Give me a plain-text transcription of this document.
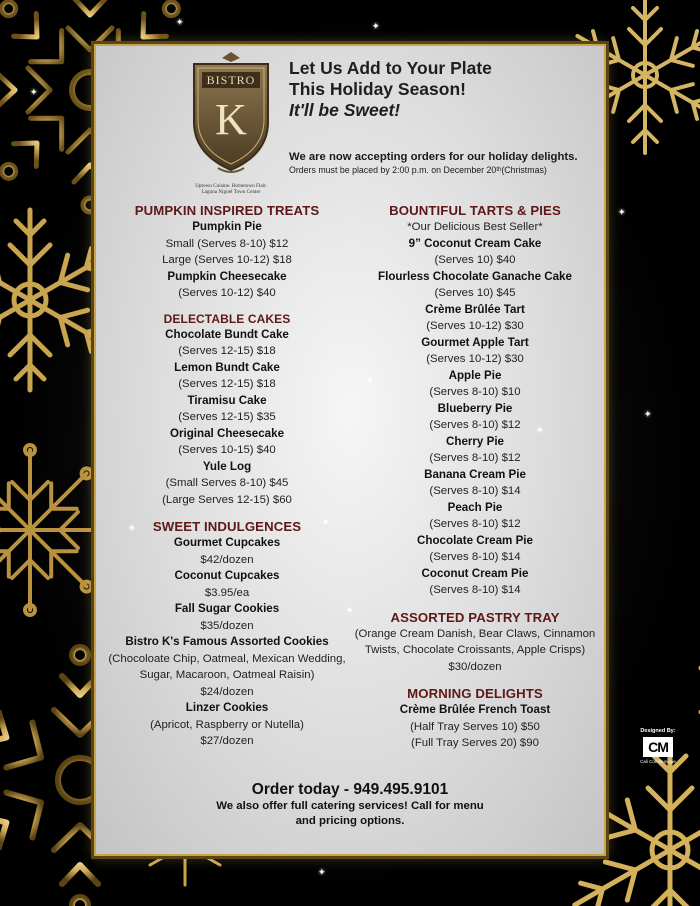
✦
✦
✦
✦
✦
BISTRO
K
Uptown Cuisine. Hometown Flair.
Laguna Niguel Town Center
Let Us Add to Your Plate
This Holiday Season!
It'll be Sweet!
We are now accepting orders for our holiday delights.
Orders must be placed by 2:00 p.m. on December 20th(Christmas)
PUMPKIN INSPIRED TREATS
Pumpkin Pie
Small (Serves 8-10) $12
Large (Serves 10-12) $18
Pumpkin Cheesecake
(Serves 10-12) $40
DELECTABLE CAKES
Chocolate Bundt Cake
(Serves 12-15) $18
Lemon Bundt Cake
(Serves 12-15) $18
Tiramisu Cake
(Serves 12-15) $35
Original Cheesecake
(Serves 10-15) $40
Yule Log
(Small Serves 8-10) $45
(Large Serves 12-15) $60
SWEET INDULGENCES
Gourmet Cupcakes
$42/dozen
Coconut Cupcakes
$3.95/ea
Fall Sugar Cookies
$35/dozen
Bistro K's Famous Assorted Cookies
(Chocoloate Chip, Oatmeal, Mexican Wedding,
Sugar, Macaroon, Oatmeal Raisin)
$24/dozen
Linzer Cookies
(Apricot, Raspberry or Nutella)
$27/dozen
BOUNTIFUL TARTS & PIES
*Our Delicious Best Seller*
9” Coconut Cream Cake
(Serves 10) $40
Flourless Chocolate Ganache Cake
(Serves 10) $45
Crème Brûlée Tart
(Serves 10-12) $30
Gourmet Apple Tart
(Serves 10-12) $30
Apple Pie
(Serves 8-10) $10
Blueberry Pie
(Serves 8-10) $12
Cherry Pie
(Serves 8-10) $12
Banana Cream Pie
(Serves 8-10) $14
Peach Pie
(Serves 8-10) $12
Chocolate Cream Pie
(Serves 8-10) $14
Coconut Cream Pie
(Serves 8-10) $14
ASSORTED PASTRY TRAY
(Orange Cream Danish, Bear Claws, Cinnamon
Twists, Chocolate Croissants, Apple Crisps)
$30/dozen
MORNING DELIGHTS
Crème Brûlée French Toast
(Half Tray Serves 10) $50
(Full Tray Serves 20) $90
Order today - 949.495.9101
We also offer full catering services! Call for menu
and pricing options.
Designed By:
CM
Cali Communique
✦	✦
✦
✦
✦
✦
